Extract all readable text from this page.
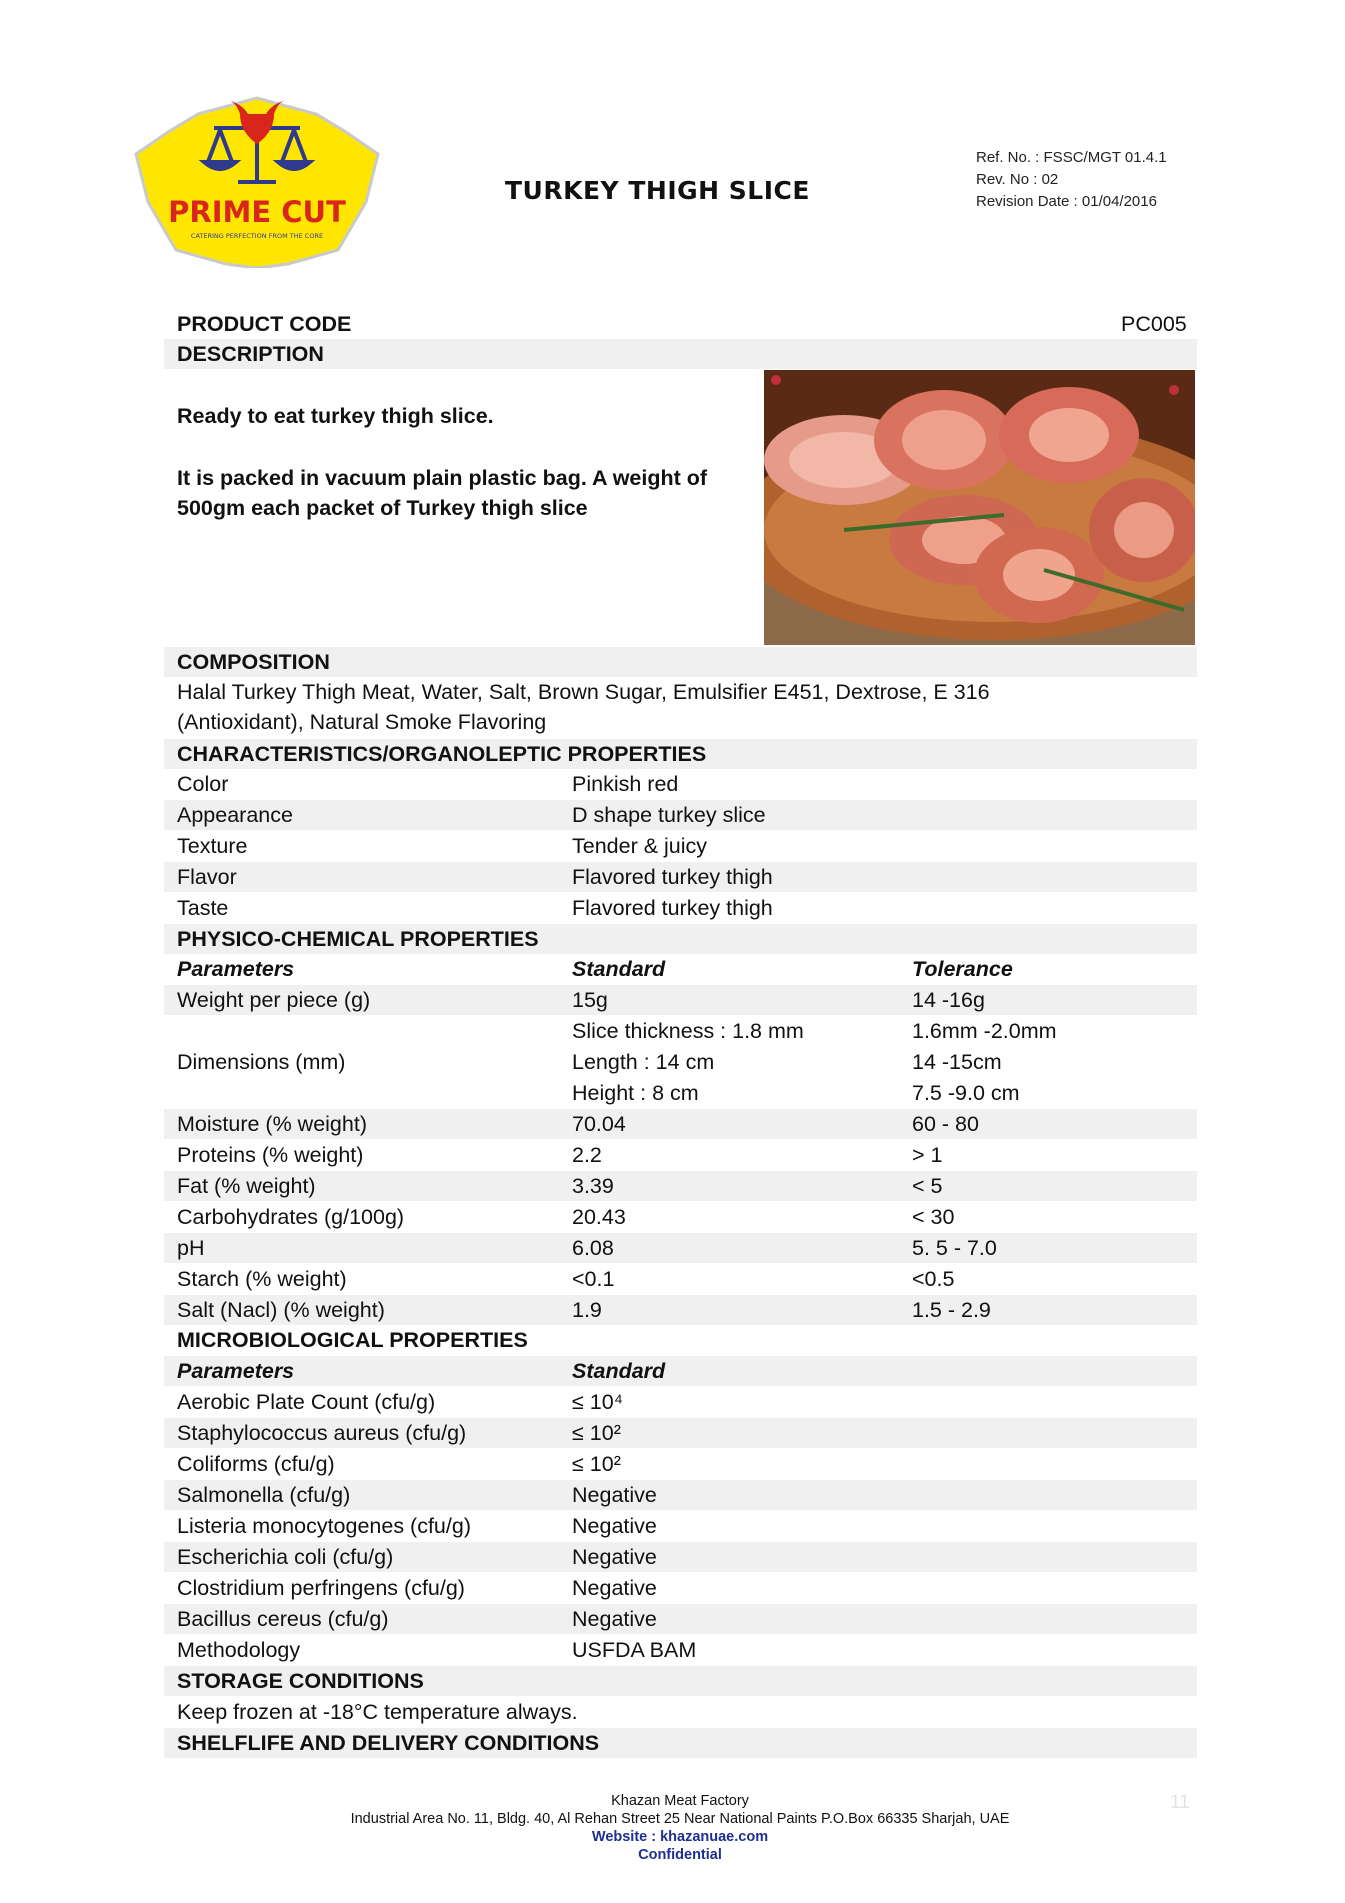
PRIME CUT
CATERING PERFECTION FROM THE CORE
TURKEY THIGH SLICE
Ref. No. : FSSC/MGT 01.4.1
Rev. No : 02
Revision Date : 01/04/2016
PRODUCT CODE	PC005
DESCRIPTION
Ready to eat turkey thigh slice.
It is packed in vacuum plain plastic bag. A weight of
500gm each packet of Turkey thigh slice
COMPOSITION
Halal Turkey Thigh Meat, Water, Salt, Brown Sugar, Emulsifier E451, Dextrose, E 316
(Antioxidant), Natural Smoke Flavoring
CHARACTERISTICS/ORGANOLEPTIC PROPERTIES
Color	Pinkish red
Appearance	D shape turkey slice
Texture	Tender & juicy
Flavor	Flavored turkey thigh
Taste	Flavored turkey thigh
PHYSICO-CHEMICAL PROPERTIES
Parameters	Standard	Tolerance
Weight per piece (g)	15g	14 -16g
Dimensions (mm)
Slice thickness : 1.8 mm	1.6mm -2.0mm
Length : 14 cm	14 -15cm
Height : 8 cm	7.5 -9.0 cm
Moisture (% weight)	70.04	60 - 80
Proteins (% weight)	2.2	> 1
Fat (% weight)	3.39	< 5
Carbohydrates (g/100g)	20.43	< 30
pH	6.08	5. 5 - 7.0
Starch (% weight)	<0.1	<0.5
Salt (Nacl) (% weight)	1.9	1.5 - 2.9
MICROBIOLOGICAL PROPERTIES
Parameters	Standard
Aerobic Plate Count (cfu/g)	≤ 10⁴
Staphylococcus aureus (cfu/g)	≤ 10²
Coliforms (cfu/g)	≤ 10²
Salmonella (cfu/g)	Negative
Listeria monocytogenes (cfu/g)	Negative
Escherichia coli (cfu/g)	Negative
Clostridium perfringens (cfu/g)	Negative
Bacillus cereus (cfu/g)	Negative
Methodology	USFDA BAM
STORAGE CONDITIONS
Keep frozen at -18°C temperature always.
SHELFLIFE AND DELIVERY CONDITIONS
Khazan Meat Factory
Industrial Area No. 11, Bldg. 40, Al Rehan Street 25 Near National Paints P.O.Box 66335 Sharjah, UAE
Website : khazanuae.com
Confidential
11
